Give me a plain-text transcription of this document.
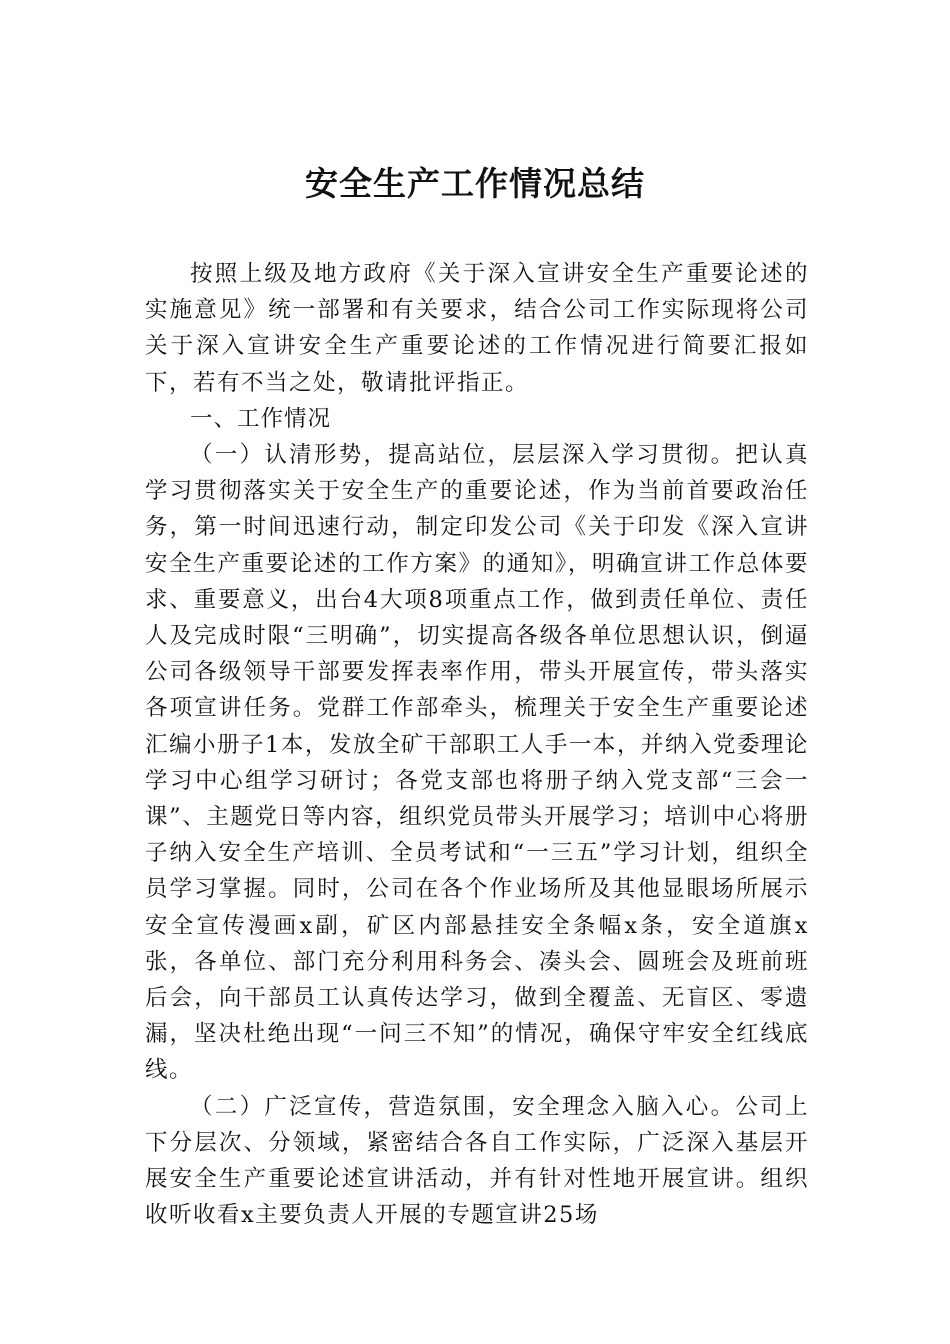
安全生产工作情况总结

按照上级及地方政府《关于深入宣讲安全生产重要论述的实施意见》统一部署和有关要求，结合公司工作实际现将公司关于深入宣讲安全生产重要论述的工作情况进行简要汇报如下，若有不当之处，敬请批评指正。

一、工作情况

（一）认清形势，提高站位，层层深入学习贯彻。把认真学习贯彻落实关于安全生产的重要论述，作为当前首要政治任务，第一时间迅速行动，制定印发公司《关于印发《深入宣讲安全生产重要论述的工作方案》的通知》，明确宣讲工作总体要求、重要意义，出台4大项8项重点工作，做到责任单位、责任人及完成时限“三明确”，切实提高各级各单位思想认识，倒逼公司各级领导干部要发挥表率作用，带头开展宣传，带头落实各项宣讲任务。党群工作部牵头，梳理关于安全生产重要论述汇编小册子1本，发放全矿干部职工人手一本，并纳入党委理论学习中心组学习研讨；各党支部也将册子纳入党支部“三会一课”、主题党日等内容，组织党员带头开展学习；培训中心将册子纳入安全生产培训、全员考试和“一三五”学习计划，组织全员学习掌握。同时，公司在各个作业场所及其他显眼场所展示安全宣传漫画x副，矿区内部悬挂安全条幅x条，安全道旗x张，各单位、部门充分利用科务会、凑头会、圆班会及班前班后会，向干部员工认真传达学习，做到全覆盖、无盲区、零遗漏，坚决杜绝出现“一问三不知”的情况，确保守牢安全红线底线。

（二）广泛宣传，营造氛围，安全理念入脑入心。公司上下分层次、分领域，紧密结合各自工作实际，广泛深入基层开展安全生产重要论述宣讲活动，并有针对性地开展宣讲。组织收听收看x主要负责人开展的专题宣讲25场
